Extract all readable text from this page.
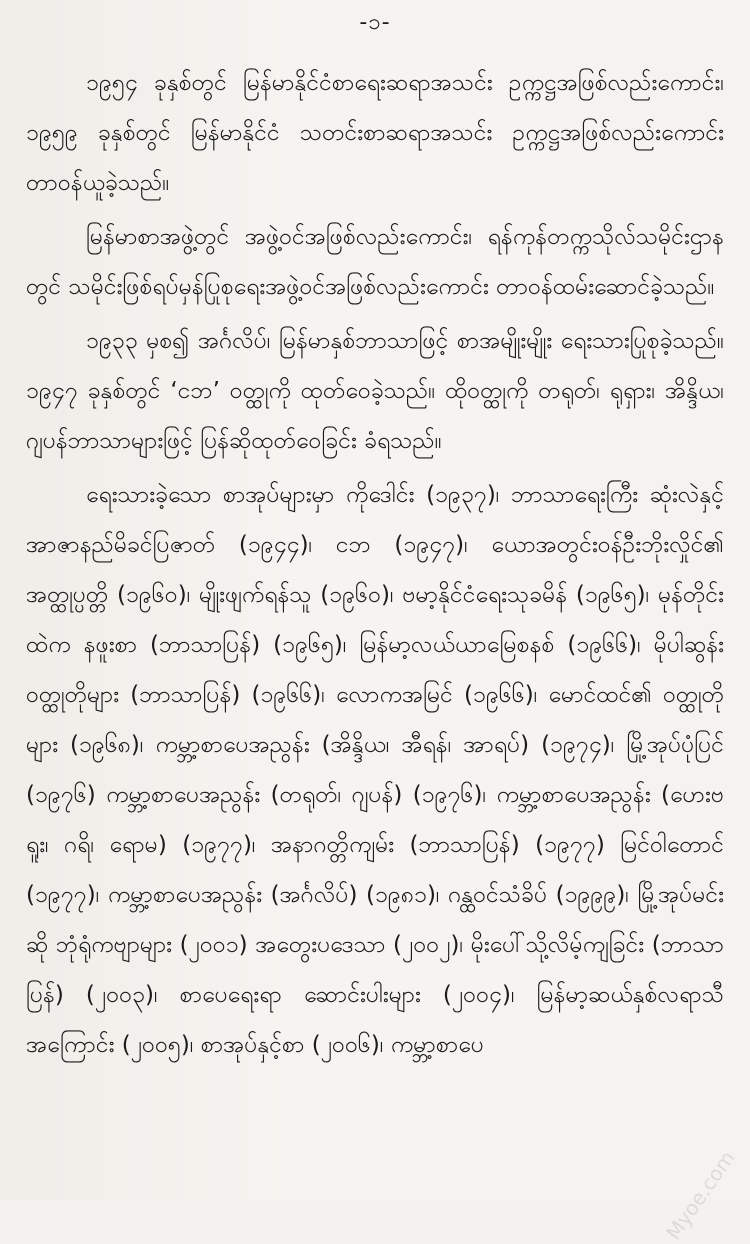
-၁-

၁၉၅၄ ခုနှစ်တွင် မြန်မာနိုင်ငံစာရေးဆရာအသင်း ဥက္ကဋ္ဌအဖြစ်လည်းကောင်း၊ ၁၉၅၉ ခုနှစ်တွင် မြန်မာနိုင်ငံ သတင်းစာဆရာအသင်း ဥက္ကဋ္ဌအဖြစ်လည်းကောင်း တာဝန်ယူခဲ့သည်။

မြန်မာစာအဖွဲ့တွင် အဖွဲ့ဝင်အဖြစ်လည်းကောင်း၊ ရန်ကုန်တက္ကသိုလ်သမိုင်းဌာနတွင် သမိုင်းဖြစ်ရပ်မှန်ပြုစုရေးအဖွဲ့ဝင်အဖြစ်လည်းကောင်း တာဝန်ထမ်းဆောင်ခဲ့သည်။

၁၉၃၃ မှစ၍ အင်္ဂလိပ်၊ မြန်မာနှစ်ဘာသာဖြင့် စာအမျိုးမျိုး ရေးသားပြုစုခဲ့သည်။ ၁၉၄၇ ခုနှစ်တွင် ‘ငဘ’ ဝတ္ထုကို ထုတ်ဝေခဲ့သည်။ ထိုဝတ္ထုကို တရုတ်၊ ရုရှား၊ အိန္ဒိယ၊ ဂျပန်ဘာသာများဖြင့် ပြန်ဆိုထုတ်ဝေခြင်း ခံရသည်။

ရေးသားခဲ့သော စာအုပ်များမှာ ကိုဒေါင်း (၁၉၃၇)၊ ဘာသာရေးကြီး ဆုံးလဲနှင့် အာဇာနည်မိခင်ပြဇာတ် (၁၉၄၄)၊ ငဘ (၁၉၄၇)၊ ယောအတွင်းဝန်ဦးဘိုးလှိုင်၏ အတ္ထုပ္ပတ္တိ (၁၉၆၀)၊ မျိုးဖျက်ရန်သူ (၁၉၆၀)၊ ဗမာ့နိုင်ငံရေးသုခမိန် (၁၉၆၅)၊ မုန်တိုင်းထဲက နဖူးစာ (ဘာသာပြန်) (၁၉၆၅)၊ မြန်မာ့လယ်ယာမြေစနစ် (၁၉၆၆)၊ မိုပါဆွန်းဝတ္ထုတိုများ (ဘာသာပြန်) (၁၉၆၆)၊ လောကအမြင် (၁၉၆၆)၊ မောင်ထင်၏ ဝတ္ထုတိုများ (၁၉၆၈)၊ ကမ္ဘာ့စာပေအညွန်း (အိန္ဒိယ၊ အီရန်၊ အာရပ်) (၁၉၇၄)၊ မြို့အုပ်ပုံပြင် (၁၉၇၆) ကမ္ဘာ့စာပေအညွန်း (တရုတ်၊ ဂျပန်) (၁၉၇၆)၊ ကမ္ဘာ့စာပေအညွန်း (ဟေးဗရူး၊ ဂရိ၊ ရောမ) (၁၉၇၇)၊ အနာဂတ္တိကျမ်း (ဘာသာပြန်) (၁၉၇၇) မြင်ဝါတောင် (၁၉၇၇)၊ ကမ္ဘာ့စာပေအညွန်း (အင်္ဂလိပ်) (၁၉၈၁)၊ ဂန္ထဝင်သံခိပ် (၁၉၉၉)၊ မြို့အုပ်မင်းဆို ဘုံရုံကဗျာများ (၂၀၀၁) အတွေးပဒေသာ (၂၀၀၂)၊ မိုးပေါ်သို့လိမ့်ကျခြင်း (ဘာသာပြန်) (၂၀၀၃)၊ စာပေရေးရာ ဆောင်းပါးများ (၂၀၀၄)၊ မြန်မာ့ဆယ်နှစ်လရာသီအကြောင်း (၂၀၀၅)၊ စာအုပ်နှင့်စာ (၂၀၀၆)၊ ကမ္ဘာ့စာပေ

Myoe.com
